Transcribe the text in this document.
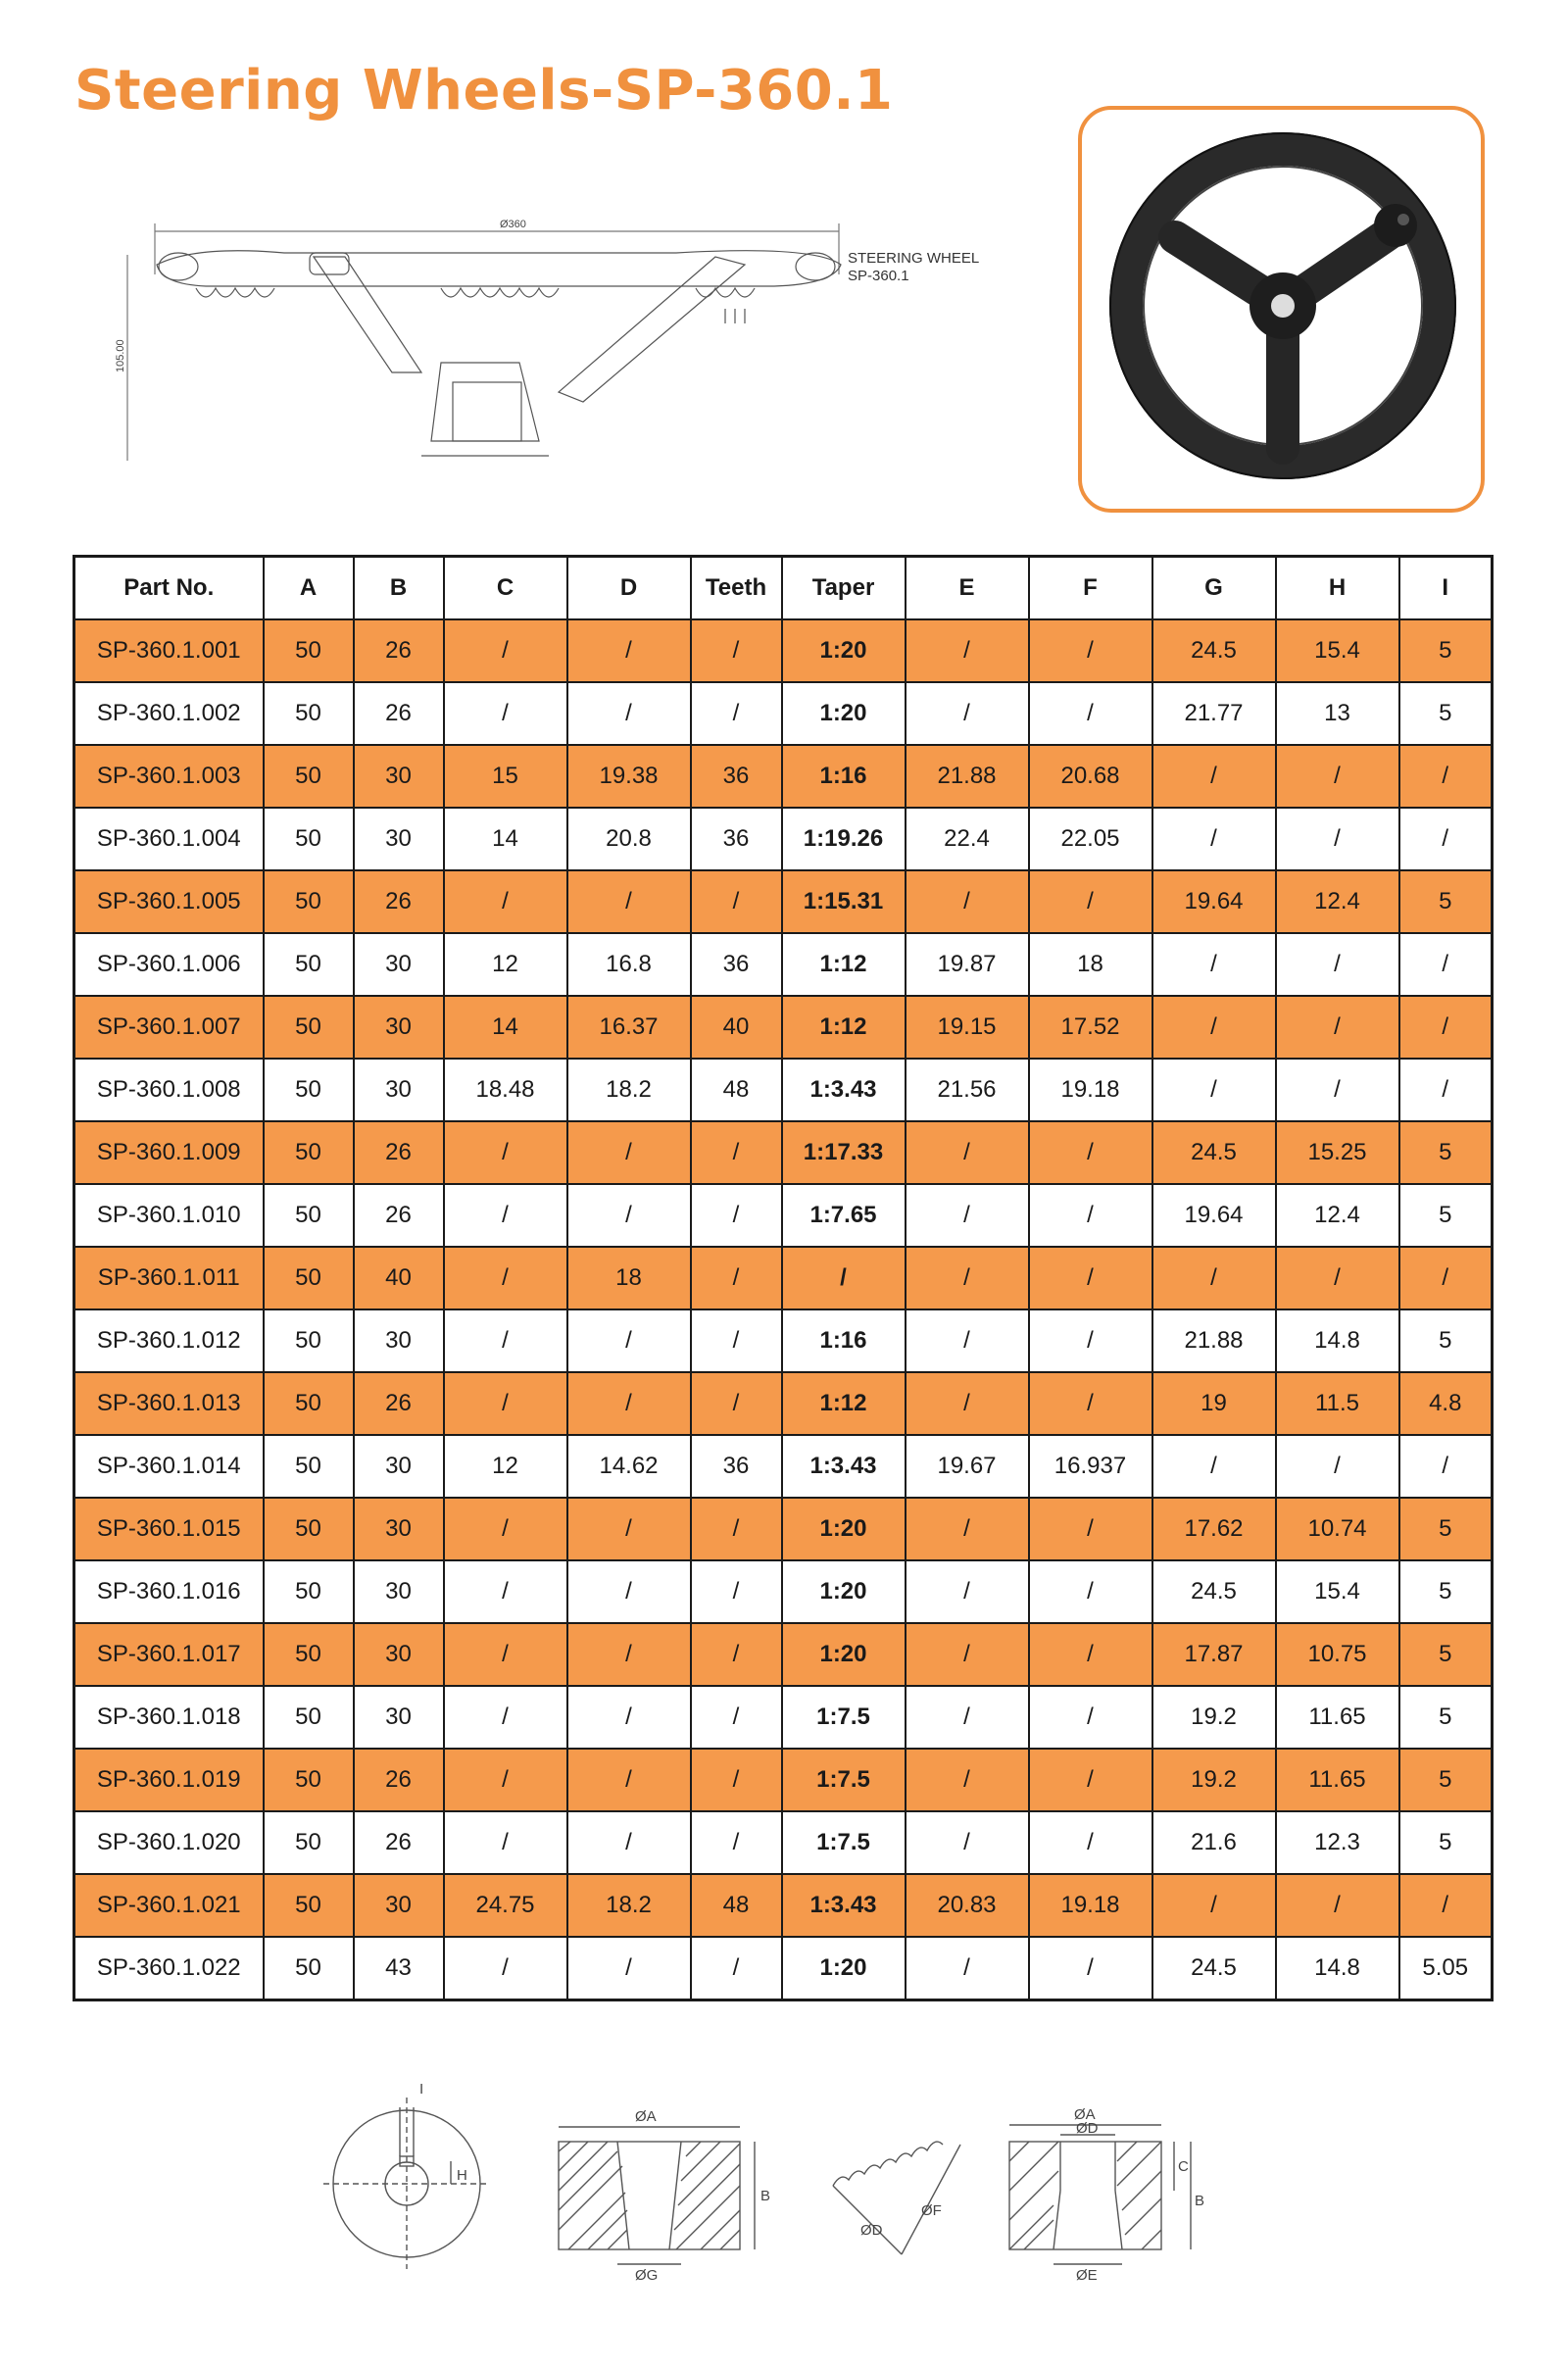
Steering Wheels-SP-360.1
Ø360
105.00
STEERING WHEEL
SP-360.1
Part No.	A	B	C	D	Teeth	Taper	E	F	G	H	I
SP-360.1.001	50	26	/	/	/	1:20	/	/	24.5	15.4	5
SP-360.1.002	50	26	/	/	/	1:20	/	/	21.77	13	5
SP-360.1.003	50	30	15	19.38	36	1:16	21.88	20.68	/	/	/
SP-360.1.004	50	30	14	20.8	36	1:19.26	22.4	22.05	/	/	/
SP-360.1.005	50	26	/	/	/	1:15.31	/	/	19.64	12.4	5
SP-360.1.006	50	30	12	16.8	36	1:12	19.87	18	/	/	/
SP-360.1.007	50	30	14	16.37	40	1:12	19.15	17.52	/	/	/
SP-360.1.008	50	30	18.48	18.2	48	1:3.43	21.56	19.18	/	/	/
SP-360.1.009	50	26	/	/	/	1:17.33	/	/	24.5	15.25	5
SP-360.1.010	50	26	/	/	/	1:7.65	/	/	19.64	12.4	5
SP-360.1.011	50	40	/	18	/	/	/	/	/	/	/
SP-360.1.012	50	30	/	/	/	1:16	/	/	21.88	14.8	5
SP-360.1.013	50	26	/	/	/	1:12	/	/	19	11.5	4.8
SP-360.1.014	50	30	12	14.62	36	1:3.43	19.67	16.937	/	/	/
SP-360.1.015	50	30	/	/	/	1:20	/	/	17.62	10.74	5
SP-360.1.016	50	30	/	/	/	1:20	/	/	24.5	15.4	5
SP-360.1.017	50	30	/	/	/	1:20	/	/	17.87	10.75	5
SP-360.1.018	50	30	/	/	/	1:7.5	/	/	19.2	11.65	5
SP-360.1.019	50	26	/	/	/	1:7.5	/	/	19.2	11.65	5
SP-360.1.020	50	26	/	/	/	1:7.5	/	/	21.6	12.3	5
SP-360.1.021	50	30	24.75	18.2	48	1:3.43	20.83	19.18	/	/	/
SP-360.1.022	50	43	/	/	/	1:20	/	/	24.5	14.8	5.05
I
H
ØA
B
ØG
ØD
ØF
ØA
ØD
C
B
ØE
